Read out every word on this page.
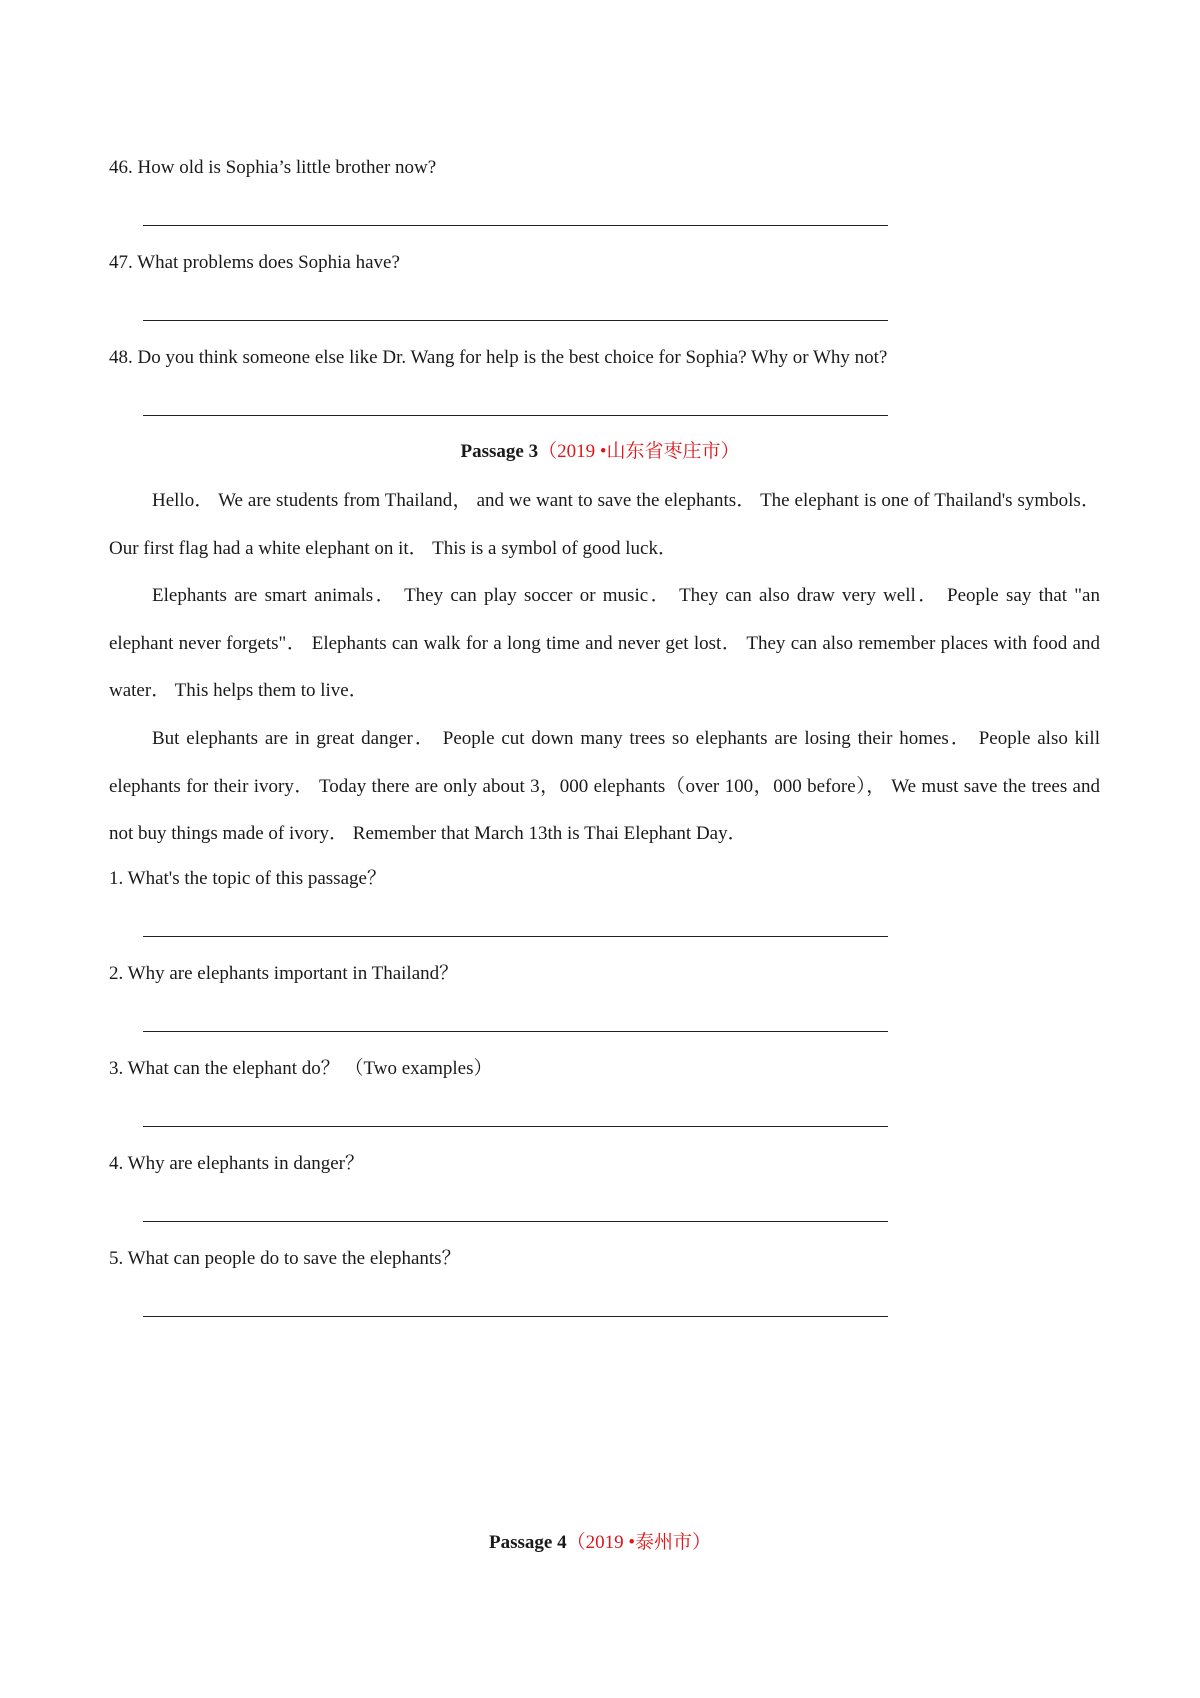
46. How old is Sophia’s little brother now?
47. What problems does Sophia have?
48. Do you think someone else like Dr. Wang for help is the best choice for Sophia? Why or Why not?
Passage 3（2019 •山东省枣庄市）

Hello． We are students from Thailand， and we want to save the elephants． The elephant is one of Thailand's symbols． Our first flag had a white elephant on it． This is a symbol of good luck．

Elephants are smart animals． They can play soccer or music． They can also draw very well． People say that "an elephant never forgets"． Elephants can walk for a long time and never get lost． They can also remember places with food and water． This helps them to live．

But elephants are in great danger． People cut down many trees so elephants are losing their homes． People also kill elephants for their ivory． Today there are only about 3，000 elephants（over 100，000 before）， We must save the trees and not buy things made of ivory． Remember that March 13th is Thai Elephant Day．

1. What's the topic of this passage？
2. Why are elephants important in Thailand？
3. What can the elephant do？ （Two examples）
4. Why are elephants in danger？
5. What can people do to save the elephants？
Passage 4（2019 •泰州市）
